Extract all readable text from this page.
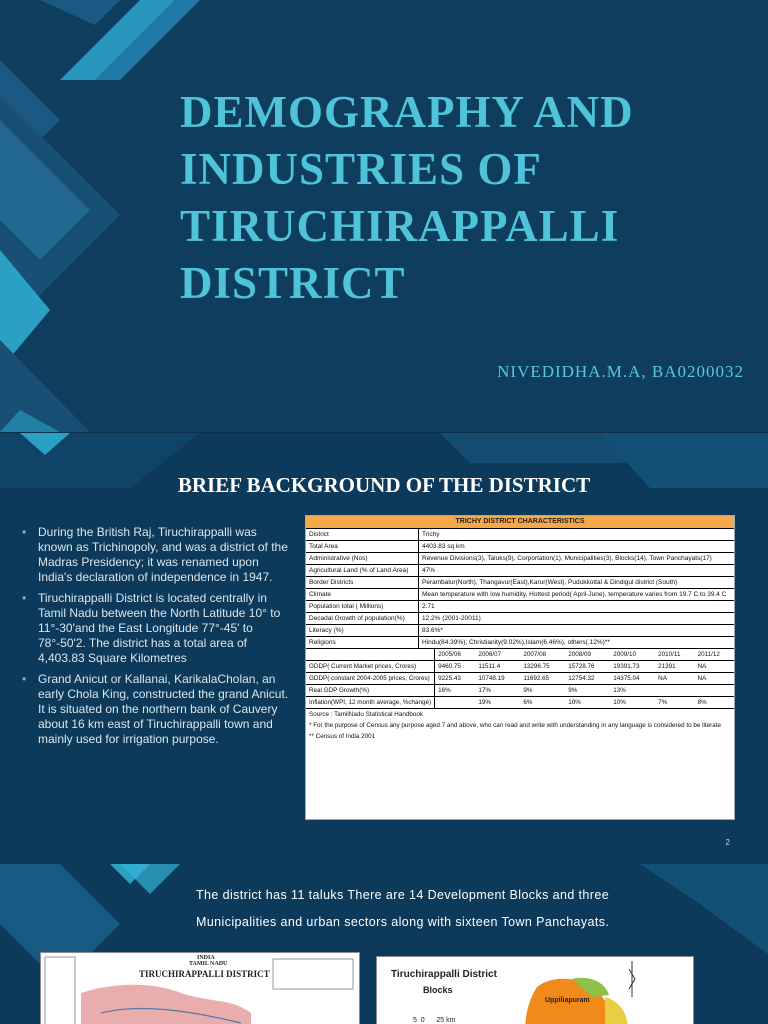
DEMOGRAPHY AND INDUSTRIES OF TIRUCHIRAPPALLI DISTRICT
NIVEDIDHA.M.A, BA0200032
BRIEF BACKGROUND OF THE DISTRICT
• During the British Raj, Tiruchirappalli was known as Trichinopoly, and was a district of the Madras Presidency; it was renamed upon India's declaration of independence in 1947.
• Tiruchirappalli District is located centrally in Tamil Nadu between the North Latitude 10° to 11°-30'and the East Longitude 77°-45' to 78°-50'2. The district has a total area of 4,403.83 Square Kilometres
• Grand Anicut or Kallanai, KarikalaCholan, an early Chola King, constructed the grand Anicut. It is situated on the northern bank of Cauvery about 16 km east of Tiruchirappalli town and mainly used for irrigation purpose.
TRICHY DISTRICT CHARACTERISTICS
District	Trichy
Total Area	4403.83 sq km
Administrative (Nos)	Revenue Divisions(3), Taluks(9), Corportation(1), Municipalities(3), Blocks(14), Town Panchayats(17)
Agricultural Land (% of Land Area)	47%
Border Districts	Perambalur(North), Thangavur(East),Karur(West), Pudukkottal & Dindigul district (South)
Climate	Mean temperature with low humidity, Hottest period( April-June), temperature varies from 19.7 C to 39.4 C
Population total ( Millions)	2.71
Decadal Growth of population(%)	12.2% (2001-20011)
Literacy (%)	83.6%*
Religions	Hindu(84.39%), Christianity(9.02%),Islam(6.46%), others(.12%)**
	2005/06	2006/07	2007/08	2008/09	2009/10	2010/11	2011/12
GDDP( Current Market prices, Crores)	9460.75	11511.4	13296.75	15728.76	19391.73	21391	NA
GDDP( constant 2004-2005 prices, Crores)	9225.43	10748.19	11692.65	12754.32	14375.04	NA	NA
Real GDP Growth(%)	16%	17%	9%	9%	13%		
Inflation(WPI, 12 month average, %change)		19%	6%	10%	10%	7%	8%
Source : TamilNadu Statistical Handbook
* For the purpose of Census any purpose aged 7 and above, who can read and write with understanding in any language is considered to be literate
** Census of India 2001
2
The district has 11 taluks There are 14 Development Blocks and three Municipalities and urban sectors along with sixteen Town Panchayats.
INDIA
TAMIL NADU
TIRUCHIRAPPALLI DISTRICT	Tiruchirappalli District
Blocks
Uppiliapuram
5  0      25 km
